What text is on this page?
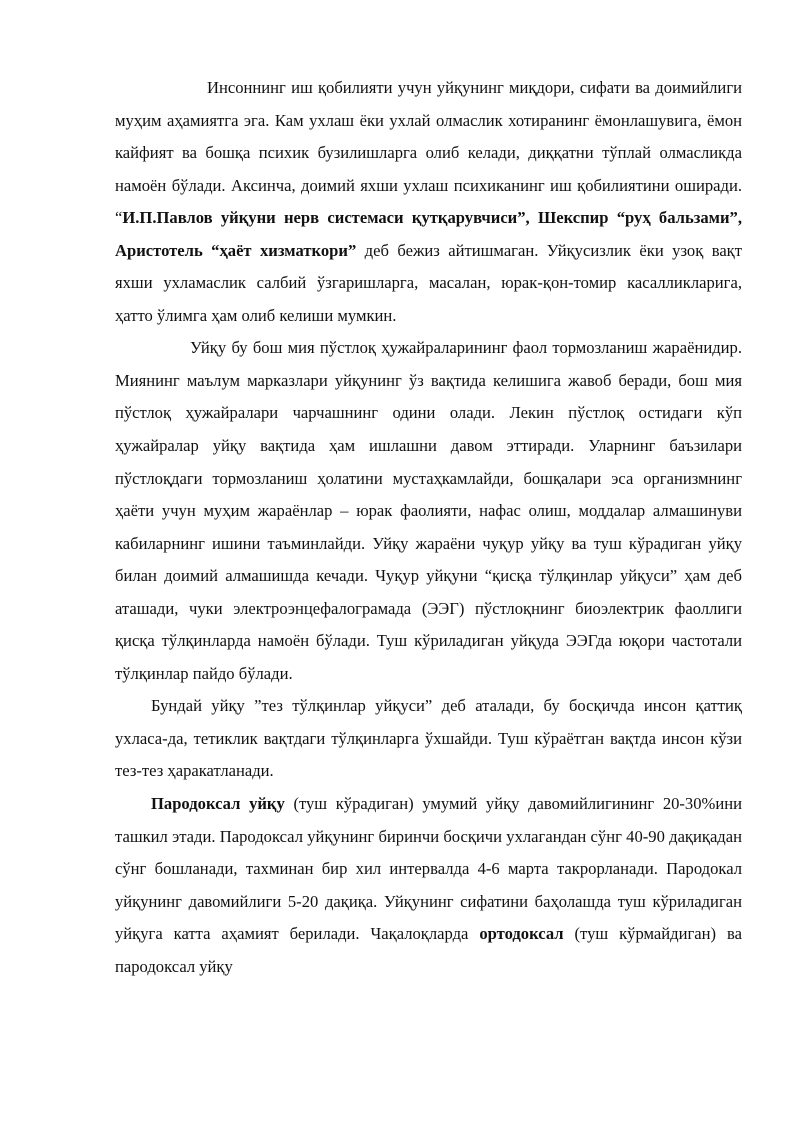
Инсоннинг иш қобилияти учун уйқунинг миқдори, сифати ва доимийлиги муҳим аҳамиятга эга. Кам ухлаш ёки ухлай олмаслик хотиранинг ёмонлашувига, ёмон кайфият ва бошқа психик бузилишларга олиб келади, диққатни тўплай олмасликда намоён бўлади. Аксинча, доимий яхши ухлаш психиканинг иш қобилиятини оширади. “И.П.Павлов уйқуни нерв системаси қутқарувчиси”, Шекспир “руҳ бальзами”, Аристотель “ҳаёт хизматкори” деб бежиз айтишмаган. Уйқусизлик ёки узоқ вақт яхши ухламаслик салбий ўзгаришларга, масалан, юрак-қон-томир касалликларига, ҳатто ўлимга ҳам олиб келиши мумкин.

Уйқу бу бош мия пўстлоқ ҳужайраларининг фаол тормозланиш жараёнидир. Миянинг маълум марказлари уйқунинг ўз вақтида келишига жавоб беради, бош мия пўстлоқ ҳужайралари чарчашнинг одини олади. Лекин пўстлоқ остидаги кўп ҳужайралар уйқу вақтида ҳам ишлашни давом эттиради. Уларнинг баъзилари пўстлоқдаги тормозланиш ҳолатини мустаҳкамлайди, бошқалари эса организмнинг ҳаёти учун муҳим жараёнлар – юрак фаолияти, нафас олиш, моддалар алмашинуви кабиларнинг ишини таъминлайди. Уйқу жараёни чуқур уйқу ва туш кўрадиган уйқу билан доимий алмашишда кечади. Чуқур уйқуни “қисқа тўлқинлар уйқуси” ҳам деб аташади, чуки электроэнцефалограмада (ЭЭГ) пўстлоқнинг биоэлектрик фаоллиги қисқа тўлқинларда намоён бўлади. Туш кўриладиган уйқуда ЭЭГда юқори частотали тўлқинлар пайдо бўлади.

Бундай уйқу ”тез тўлқинлар уйқуси” деб аталади, бу босқичда инсон қаттиқ ухласа-да, тетиклик вақтдаги тўлқинларга ўхшайди. Туш кўраётган вақтда инсон кўзи тез-тез ҳаракатланади.

Пародоксал уйқу (туш кўрадиган) умумий уйқу давомийлигининг 20-30%ини ташкил этади. Пародоксал уйқунинг биринчи босқичи ухлагандан сўнг 40-90 дақиқадан сўнг бошланади, тахминан бир хил интервалда 4-6 марта такрорланади. Пародокал уйқунинг давомийлиги 5-20 дақиқа. Уйқунинг сифатини баҳолашда туш кўриладиган уйқуга катта аҳамият берилади. Чақалоқларда ортодоксал (туш кўрмайдиган) ва пародоксал уйқу
